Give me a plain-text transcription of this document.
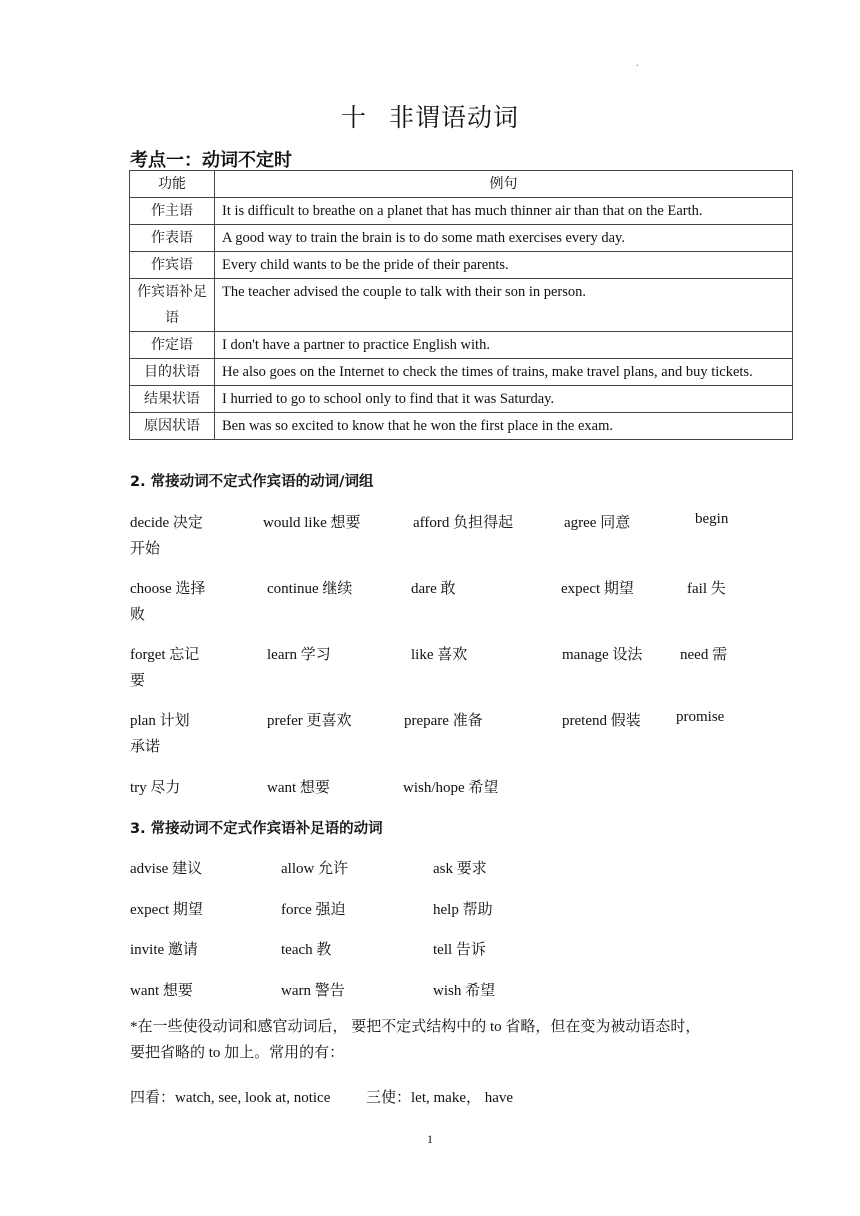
.
十 非谓语动词
考点一：动词不定时
功能	例句
作主语	It is difficult to breathe on a planet that has much thinner air than that on the Earth.
作表语	A good way to train the brain is to do some math exercises every day.
作宾语	Every child wants to be the pride of their parents.
作宾语补足语	The teacher advised the couple to talk with their son in person.
作定语	I don't have a partner to practice English with.
目的状语	He also goes on the Internet to check the times of trains, make travel plans, and buy tickets.
结果状语	I hurried to go to school only to find that it was Saturday.
原因状语	Ben was so excited to know that he won the first place in the exam.
2. 常接动词不定式作宾语的动词/词组
decide 决定	would like 想要	afford 负担得起	agree 同意	begin
开始
choose 选择	continue 继续	dare 敢	expect 期望	fail 失
败
forget 忘记	learn 学习	like 喜欢	manage 设法	need 需
要
plan 计划	prefer 更喜欢	prepare 准备	pretend 假装 promise
承诺
try 尽力	want 想要	wish/hope 希望
3. 常接动词不定式作宾语补足语的动词
advise 建议	allow 允许	ask 要求
expect 期望	force 强迫	help 帮助
invite 邀请	teach 教	tell 告诉
want 想要	warn 警告	wish 希望
*在一些使役动词和感官动词后， 要把不定式结构中的 to 省略，但在变为被动语态时，
要把省略的 to 加上。常用的有：
四看：watch, see, look at, notice 三使：let, make， have
1
